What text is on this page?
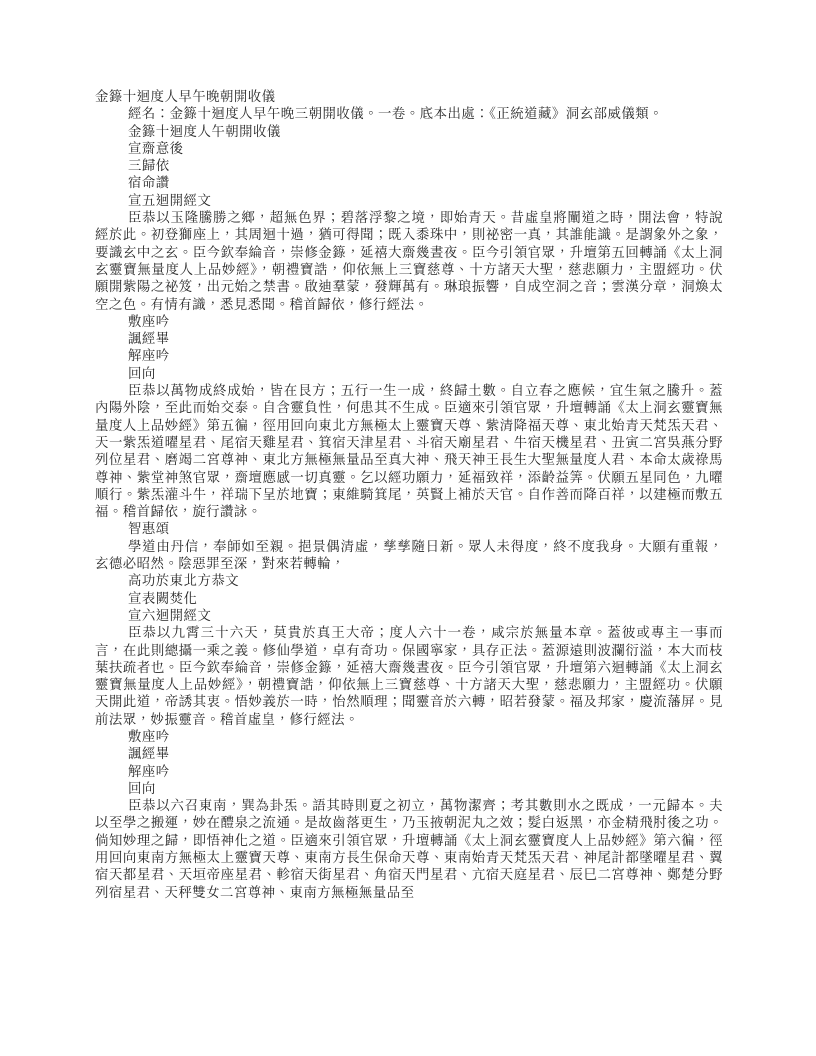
金籙十迴度人早午晚朝開收儀

經名：金籙十迴度人早午晚三朝開收儀。一卷。底本出處：《正統道藏》洞玄部威儀類。

金籙十迴度人午朝開收儀

宣齋意後

三歸依

宿命讚

宣五迴開經文

臣恭以玉隆騰勝之鄉，超無色界；碧落浮黎之境，即始青天。昔虛皇將闡道之時，開法會，特說經於此。初登獅座上，其周迴十過，猶可得聞；既入黍珠中，則祕密一真，其誰能識。是謂象外之象，要識玄中之玄。臣今欽奉綸音，崇修金籙，延禧大齋幾晝夜。臣今引領官眾，升壇第五回轉誦《太上洞玄靈寶無量度人上品妙經》，朝禮寶誥，仰依無上三寶慈尊、十方諸天大聖，慈悲願力，主盟經功。伏願開紫陽之祕笈，出元始之禁書。啟迪羣蒙，發輝萬有。琳琅振響，自成空洞之音；雲漢分章，洞煥太空之色。有情有識，悉見悉聞。稽首歸依，修行經法。

敷座吟

諷經畢

解座吟

回向

臣恭以萬物成終成始，皆在艮方；五行一生一成，終歸土數。自立春之應候，宜生氣之騰升。蓋內陽外陰，至此而始交泰。自含靈負性，何患其不生成。臣適來引領官眾，升壇轉誦《太上洞玄靈寶無量度人上品妙經》第五徧，徑用回向東北方無極太上靈寶天尊、紫清降福天尊、東北始青天梵炁天君、天一紫炁道曜星君、尾宿天雞星君、箕宿天津星君、斗宿天廟星君、牛宿天機星君、丑寅二宮吳燕分野列位星君、磨竭二宮尊神、東北方無極無量品至真大神、飛天神王長生大聖無量度人君、本命太歲祿馬尊神、紫堂神煞官眾，齋壇應感一切真靈。乞以經功願力，延福致祥，添齡益筭。伏願五星同色，九曜順行。紫炁灌斗牛，祥瑞下呈於地寶；東維騎箕尾，英賢上補於天官。自作善而降百祥，以建極而敷五福。稽首歸依，旋行讚詠。

智惠頌

學道由丹信，奉師如至親。挹景偶清虛，孳孳隨日新。眾人未得度，終不度我身。大願有重報，玄德必昭然。陰惡罪至深，對來若轉輪，

高功於東北方恭文

宣表闕焚化

宣六迴開經文

臣恭以九霄三十六天，莫貴於真王大帝；度人六十一卷，咸宗於無量本章。蓋彼或專主一事而言，在此則總攝一乘之義。修仙學道，卓有奇功。保國寧家，具存正法。蓋源遠則波瀾衍溢，本大而枝葉扶疏者也。臣今欽奉綸音，崇修金籙，延禧大齋幾晝夜。臣今引領官眾，升壇第六迴轉誦《太上洞玄靈寶無量度人上品妙經》，朝禮寶誥，仰依無上三寶慈尊、十方諸天大聖，慈悲願力，主盟經功。伏願天開此道，帝誘其衷。悟妙義於一時，怡然順理；聞靈音於六轉，昭若發蒙。福及邦家，慶流藩屏。見前法眾，妙振靈音。稽首虛皇，修行經法。

敷座吟

諷經畢

解座吟

回向

臣恭以六召東南，巽為卦炁。語其時則夏之初立，萬物潔齊；考其數則水之既成，一元歸本。夫以至學之搬運，妙在醴泉之流通。是故齒落更生，乃玉掖朝泥丸之效；髮白返黑，亦金精飛肘後之功。倘知妙理之歸，即悟神化之道。臣適來引領官眾，升壇轉誦《太上洞玄靈寶度人上品妙經》第六徧，徑用回向東南方無極太上靈寶天尊、東南方長生保命天尊、東南始青天梵炁天君、神尾計都墜曜星君、翼宿天都星君、天垣帝座星君、軫宿天街星君、角宿天門星君、亢宿天庭星君、辰巳二宮尊神、鄭楚分野列宿星君、天秤雙女二宮尊神、東南方無極無量品至
